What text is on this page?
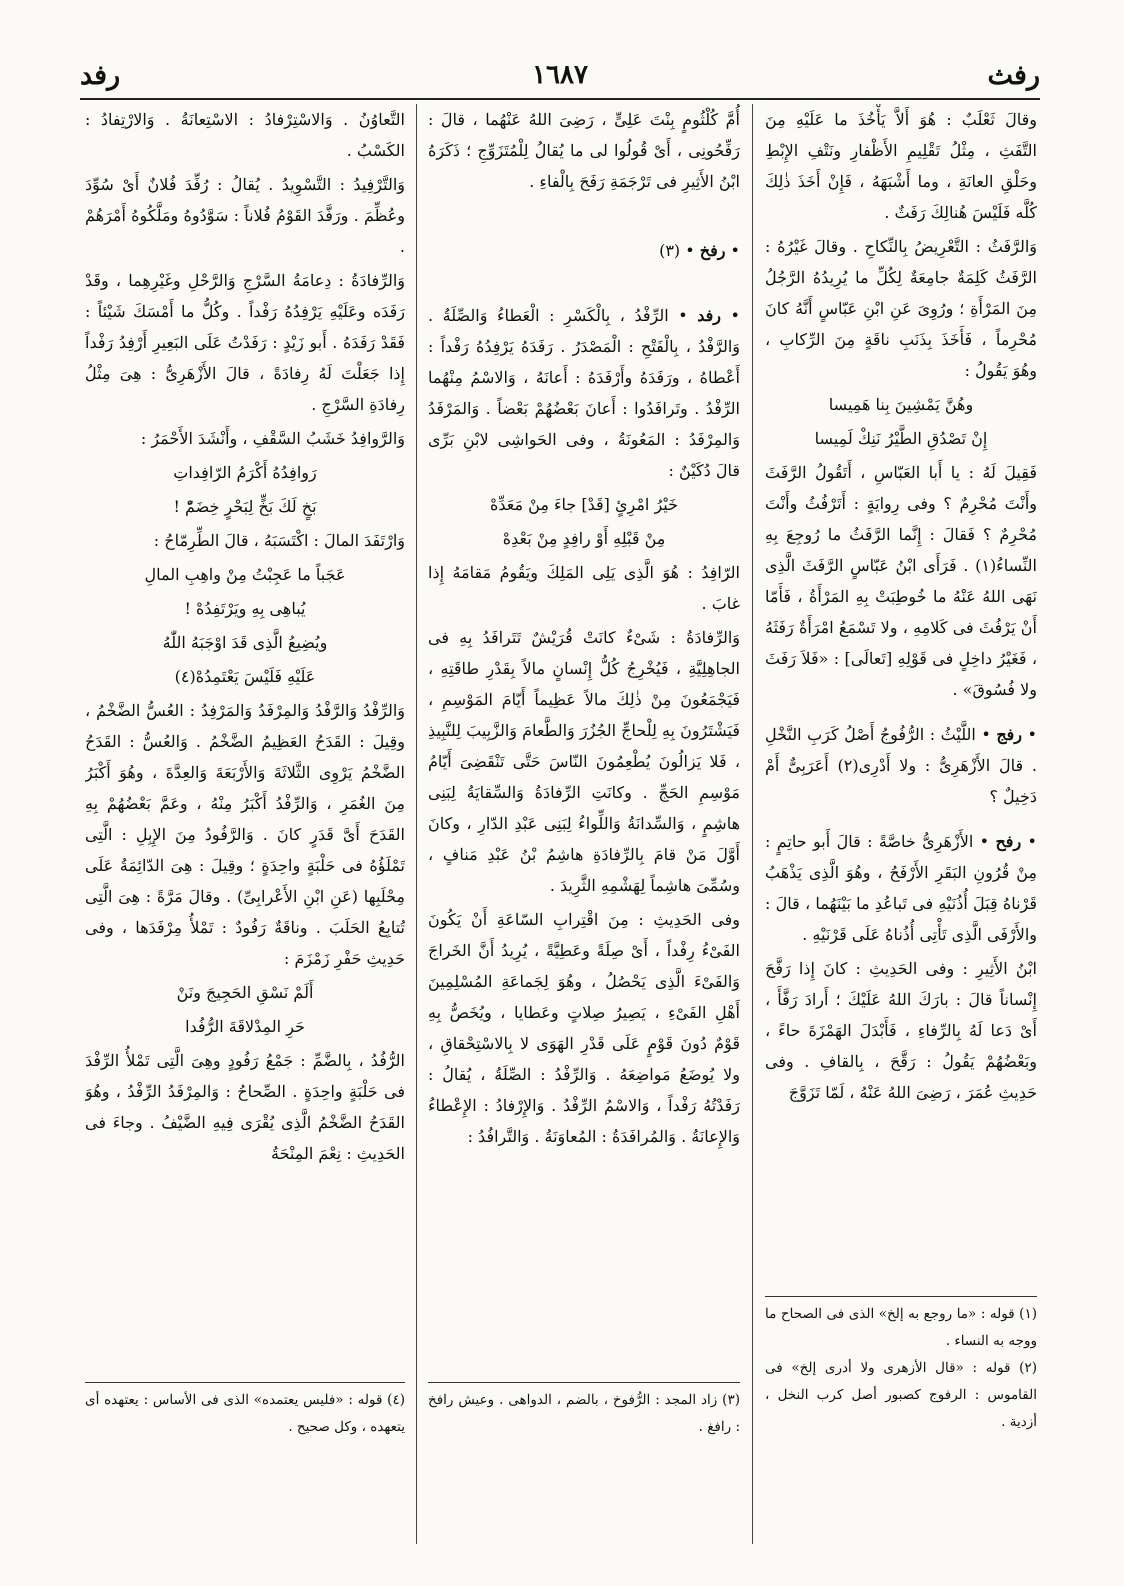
رفث
١٦٨٧
رفد

وقالَ ثَعْلَبٌ : هُوَ أَلاَّ يَأْخُذَ ما عَلَيْهِ مِنَ التَّفَثِ ، مِثْلُ تَقْلِيمِ الأَظْفارِ ونَتْفِ الإِبْطِ وحَلْقِ العانَةِ ، وما أَشْبَهَهُ ، فَإِنْ أَخَذَ ذٰلِكَ كُلَّه فَلَيْسَ هُنالِكَ رَفَثٌ .

وَالرَّفَثُ : التَّعْرِيضُ بِالنِّكاحِ . وقالَ غَيْرُهُ : الرَّفَثُ كَلِمَةٌ جامِعَةٌ لِكُلِّ ما يُرِيدُهُ الرَّجُلُ مِنَ المَرْأَةِ ؛ ورُوِىَ عَنِ ابْنِ عَبّاسٍ أَنَّهُ كانَ مُحْرِماً ، فَأَخَذَ بِذَنَبِ ناقَةٍ مِنَ الرِّكابِ ، وهُوَ يَقُولُ :

وهُنَّ يَمْشِينَ بِنا هَمِيسا

إِنْ تَصْدُقِ الطَّيْرُ نَنِكْ لَمِيسا

فَقِيلَ لَهُ : يا أَبا العَبّاسِ ، أَتَقُولُ الرَّفَثَ وأَنْتَ مُحْرِمٌ ؟ وفى رِوايَةٍ : أَتَرْفُثُ وأَنْتَ مُحْرِمٌ ؟ فَقالَ : إِنَّما الرَّفَثُ ما رُوجِعَ بِهِ النِّساءُ(١) . فَرَأَى ابْنُ عَبّاسٍ الرَّفَثَ الَّذِى نَهَى اللهُ عَنْهُ ما خُوطِبَتْ بِهِ المَرْأَةُ ، فَأَمّا أَنْ يَرْفُثَ فى كَلامِهِ ، ولا تَسْمَعُ امْرَأَةٌ رَفَثَهُ ، فَغَيْرُ داخِلٍ فى قَوْلِهِ [تَعالَى] : «فَلاَ رَفَثَ ولا فُسُوقَ» .

• رفج • اللَّيْثُ : الرُّفُوجُ أَصْلُ كَرَبِ النَّخْلِ . قالَ الأَزْهَرِىُّ : ولا أَدْرِى(٢) أَعَرَبِىٌّ أَمْ دَخِيلٌ ؟

• رفح • الأَزْهَرِىُّ خاصَّةً : قالَ أَبو حاتِمٍ : مِنْ قُرُونِ البَقَرِ الأَرْفَحُ ، وهُوَ الَّذِى يَذْهَبُ قَرْناهُ قِبَلَ أُذُنَيْهِ فى تَباعُدِ ما بَيْنَهُما ، قالَ : والأَرْفَى الَّذِى تَأْتِى أُذُناهُ عَلَى قَرْنَيْهِ .

ابْنُ الأَثِيرِ : وفى الحَدِيثِ : كانَ إِذا رَفَّحَ إِنْساناً قالَ : بارَكَ اللهُ عَلَيْكَ ؛ أَرادَ رَفَّأَ ، أَىْ دَعا لَهُ بِالرِّفاءِ ، فَأَبْدَلَ الهَمْزَةَ حاءً ، وبَعْضُهُمْ يَقُولُ : رَقَّحَ ، بِالقافِ . وفى حَدِيثِ عُمَرَ ، رَضِىَ اللهُ عَنْهُ ، لَمّا تَزَوَّجَ

أُمَّ كُلْثُومٍ بِنْتَ عَلِىٍّ ، رَضِىَ اللهُ عَنْهُما ، قالَ : رَفِّحُونِى ، أَىْ قُولُوا لى ما يُقالُ لِلْمُتَزَوِّجِ ؛ ذَكَرَهُ ابْنُ الأَثِيرِ فى تَرْجَمَةِ رَفَحَ بِالْفاءِ .

• رفخ • (٣)

• رفد • الرِّفْدُ ، بِالْكَسْرِ : الْعَطاءُ وَالصِّلَةُ . وَالرَّفْدُ ، بِالْفَتْحِ : الْمَصْدَرُ . رَفَدَهُ يَرْفِدُهُ رَفْداً : أَعْطاهُ ، ورَفَدَهُ وأَرْفَدَهُ : أَعانَهُ ، وَالاسْمُ مِنْهُما الرِّفْدُ . وتَرافَدُوا : أَعانَ بَعْضُهُمْ بَعْضاً . وَالمَرْفَدُ وَالمِرْفَدُ : المَعُونَةُ ، وفى الحَواشِى لابْنِ بَرِّى قالَ دُكَيْنٌ :

خَيْرُ امْرِئٍ [قَدْ] جاءَ مِنْ مَعَدِّهْ

مِنْ قَبْلِهِ أَوْ رافِدٍ مِنْ بَعْدِهْ

الرّافِدُ : هُوَ الَّذِى يَلِى المَلِكَ ويَقُومُ مَقامَهُ إِذا غابَ .

وَالرِّفادَةُ : شَىْءٌ كانَتْ قُرَيْشٌ تَتَرافَدُ بِهِ فى الجاهِلِيَّةِ ، فَيُخْرِجُ كُلُّ إِنْسانٍ مالاً بِقَدْرِ طاقَتِهِ ، فَيَجْمَعُونَ مِنْ ذٰلِكَ مالاً عَظِيماً أَيّامَ المَوْسِمِ ، فَيَشْتَرُونَ بِهِ لِلْحاجِّ الجُزُرَ وَالطَّعامَ وَالزَّبِيبَ لِلنَّبِيذِ ، فَلا يَزالُونَ يُطْعِمُونَ النّاسَ حَتَّى تَنْقَضِىَ أَيّامُ مَوْسِمِ الحَجِّ . وكانَتِ الرِّفادَةُ وَالسِّقايَةُ لِبَنِى هاشِمٍ ، وَالسِّدانَةُ وَاللِّواءُ لِبَنِى عَبْدِ الدّارِ ، وكانَ أَوَّلَ مَنْ قامَ بِالرِّفادَةِ هاشِمُ بْنُ عَبْدِ مَنافٍ ، وسُمِّىَ هاشِماً لِهَشْمِهِ الثَّرِيدَ .

وفى الحَدِيثِ : مِنَ اقْتِرابِ السّاعَةِ أَنْ يَكُونَ الفَىْءُ رِفْداً ، أَىْ صِلَةً وعَطِيَّةً ، يُرِيدُ أَنَّ الخَراجَ وَالفَىْءَ الَّذِى يَحْصُلُ ، وهُوَ لِجَماعَةِ المُسْلِمِينَ أَهْلِ الفَىْءِ ، يَصِيرُ صِلاتٍ وعَطايا ، ويُخَصُّ بِهِ قَوْمٌ دُونَ قَوْمٍ عَلَى قَدْرِ الهَوَى لا بِالاسْتِحْقاقِ ، ولا يُوضَعُ مَواضِعَهُ . وَالرِّفْدُ : الصِّلَةُ ، يُقالُ : رَفَدْتُهُ رَفْداً ، وَالاسْمُ الرِّفْدُ . وَالإِرْفادُ : الإِعْطاءُ وَالإِعانَةُ . وَالمُرافَدَةُ : المُعاوَنَةُ . وَالتَّرافُدُ :

التَّعاوُنُ . وَالاسْتِرْفادُ : الاسْتِعانَةُ . وَالارْتِفادُ : الكَسْبُ .

وَالتَّرْفِيدُ : التَّسْوِيدُ . يُقالُ : رُفِّدَ فُلانٌ أَىْ سُوِّدَ وعُظِّمَ . ورَفَّدَ القَوْمُ فُلاناً : سَوَّدُوهُ ومَلَّكُوهُ أَمْرَهُمْ .

وَالرِّفادَةُ : دِعامَةُ السَّرْجِ وَالرَّحْلِ وغَيْرِهِما ، وقَدْ رَفَدَه وعَلَيْهِ يَرْفِدُهُ رَفْداً . وكُلُّ ما أَمْسَكَ شَيْئاً : فَقَدْ رَفَدَهُ . أَبو زَيْدٍ : رَفَدْتُ عَلَى البَعِيرِ أَرْفِدُ رَفْداً إِذا جَعَلْتَ لَهُ رِفادَةً ، قالَ الأَزْهَرِىُّ : هِىَ مِثْلُ رِفادَةِ السَّرْجِ .

وَالرَّوافِدُ خَشَبُ السَّقْفِ ، وأَنْشَدَ الأَحْمَرُ :

رَوافِدُهُ أَكْرَمُ الرّافِداتِ

بَخٍ لَكَ بَخٍّ لِبَحْرٍ خِضَمّْ !

وَارْتَفَدَ المالَ : اكْتَسَبَهُ ، قالَ الطِّرِمّاحُ :

عَجَباً ما عَجِبْتُ مِنْ واهِبِ المالِ

يُباهِى بِهِ ويَرْتَفِدُهْ !

ويُضِيعُ الَّذِى قَدَ اوْجَبَهُ اللّٰهُ

عَلَيْهِ فَلَيْسَ يَعْتَمِدُهْ(٤)

وَالرِّفْدُ وَالرَّفْدُ وَالمِرْفَدُ وَالمَرْفِدُ : العُسُّ الضَّخْمُ ، وقِيلَ : القَدَحُ العَظِيمُ الضَّخْمُ . وَالعُسُّ : القَدَحُ الضَّخْمُ يَرْوِى الثَّلاثَةَ وَالأَرْبَعَةَ وَالعِدَّةَ ، وهُوَ أَكْبَرُ مِنَ الغُمَرِ ، وَالرِّفْدُ أَكْبَرُ مِنْهُ ، وعَمَّ بَعْضُهُمْ بِهِ القَدَحَ أَىَّ قَدَرٍ كانَ . وَالرَّفُودُ مِنَ الإِبِلِ : الَّتِى تَمْلَؤُهُ فى حَلْبَةٍ واحِدَةٍ ؛ وقِيلَ : هِىَ الدّائِمَةُ عَلَى مِحْلَبِها (عَنِ ابْنِ الأَعْرابِىِّ) . وقالَ مَرَّةً : هِىَ الَّتِى تُتابِعُ الحَلَبَ . وناقَةٌ رَفُودٌ : تَمْلأُ مِرْفَدَها ، وفى حَدِيثِ حَفْرِ زَمْزَمَ :

أَلَمْ نَسْقِ الحَجِيجَ ونَنْ

حَرِ المِدْلاقَةَ الرُّفُدا

الرُّفُدُ ، بِالضَّمِّ : جَمْعُ رَفُودٍ وهِىَ الَّتِى تَمْلأُ الرِّفْدَ فى حَلْبَةٍ واحِدَةٍ . الصِّحاحُ : وَالمِرْفَدُ الرِّفْدُ ، وهُوَ القَدَحُ الضَّخْمُ الَّذِى يُقْرَى فِيهِ الضَّيْفُ . وجاءَ فى الحَدِيثِ : نِعْمَ المِنْحَةُ

(١) قوله : «ما روجع به إلخ» الذى فى الصحاح ما ووجه به النساء .

(٢) قوله : «قال الأزهرى ولا أدرى إلخ» فى القاموس : الرفوج كصبور أصل كرب النخل ، أزدية .

(٣) زاد المجد : الرُّفوخ ، بالضم ، الدواهى . وعيش رافخ : رافغ .

(٤) قوله : «فليس يعتمده» الذى فى الأساس : يعتهده أى يتعهده ، وكل صحيح .
